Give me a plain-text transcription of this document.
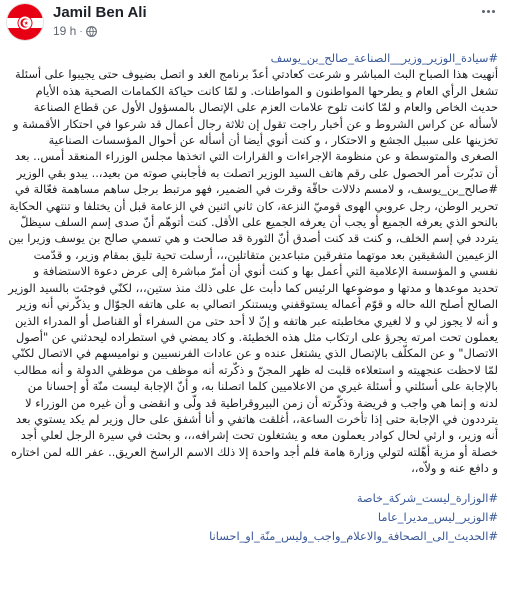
Jamil Ben Ali
19 h ·

#سيادة_الوزير_وزير__الصناعة_صالح_بن_يوسف

أنهيت هذا الصباح البث المباشر و شرعت كعادتي أعدّ برنامج الغد و اتصل بضيوف حتى يجيبوا على أسئلة تشغل الرأي العام و يطرحها المواطنون و المواطنات. و لمّا كانت حياكة الكمامات الصحية هذه الأيام حديث الخاص والعام و لمّا كانت تلوح علامات العزم على الإتصال بالمسؤول الأول عن قطاع الصناعة لأسأله عن كراس الشروط و عن أخبار راجت تقول إن ثلاثة رجال أعمال قد شرعوا في احتكار الأقمشة و تخزينها على سبيل الجشع و الاحتكار ، و كنت أنوي أيضا أن أسأله عن أحوال المؤسسات الصناعية الصغرى والمتوسطة و عن منظومة الإجراءات و القرارات التي اتخذها مجلس الوزراء المنعقد أمس.. بعد أن تدبّرت أمر الحصول على رقم هاتف السيد الوزير اتصلت به فأجابني صوته من بعيد،.. يبدو بقي الوزير #صالح_بن_يوسف، و لامسم دلالات حاقّة وقرت في الضمير، فهو مرتبط برجل ساهم مساهمة فعّالة في تحرير الوطن، رجل عروبي الهوى قوميّ النزعة، كان ثاني اثنين في الزعامة قبل أن يختلفا و تنتهي الحكاية بالنحو الذي يعرفه الجميع أو يجب أن يعرفه الجميع على الأقل. كنت أتوهّم أنّ صدى إسم السلف سيظلّ يتردد في إسم الخلف، و كنت قد كنت أصدق أنّ الثورة قد صالحت و هي تسمي صالح بن يوسف وزيرا بين الزعيمين الشقيقين بعد موتهما متفرقين متباعدين متقاتلين،،، أرسلت تحية تليق بمقام وزير، و قدّمت نفسي و المؤسسة الإعلامية التي أعمل بها و كنت أنوي أن أمرّ مباشرة إلى عرض دعوة الاستضافة و تحديد موعدها و مدتها و موضوعها الرئيس كما دأبت عل على ذلك منذ ستين،،، لكنّي فوجئت بالسيد الوزير الصالح أصلح الله حاله و قوّم أعماله يستوقفني ويستنكر اتصالي به على هاتفه الجوّال و يذكّرني أنه وزير و أنه لا يجوز لي و لا لغيري مخاطبته عبر هاتفه و إنّ لا أحد حتى من السفراء أو القناصل أو المدراء الذين يعملون تحت امرته يجرؤ على ارتكاب مثل هذه الخطيئة. و كاد يمضي في استطراده ليحدثني عن "أصول الاتصال" و عن المكلّف بالإتصال الذي يشتغل عنده و عن عادات الفرنسيين و نواميسهم في الاتصال لكنّي لمّا لاحظت عنجهيته و استعلاءه قلبت له ظهر المجنّ و ذكّرته أنه موظف من موظفي الدولة و أنه مطالب بالإجابة على أسئلتي و أسئلة غيري من الاعلاميين كلما اتصلنا به، و أنّ الإجابة ليست منّة أو إحسانا من لدنه و إنما هي واجب و فريضة وذكّرته أن زمن البيروقراطية قد ولّى و انقضى و أن غيره من الوزراء لا يترددون في الإجابة حتى إذا تأخرت الساعة،، أغلقت هاتفي و أنا أشفق على حال وزير لم يكد يستوي بعد أنه وزير، و ارثي لحال كوادر يعملون معه و يشتغلون تحت إشرافه،،، و بحثت في سيرة الرجل لعلي أجد خصلة أو مزية أهّلته لتولي وزارة هامة فلم أجد واحدة إلا ذلك الاسم الراسخ العريق.. عفر الله لمن اختاره و دافع عنه و ولاّه،،

#الوزارة_ليست_شركة_خاصة
#الوزير_ليس_مديرا_عاما
#الحديث_الى_الصحافة_والاعلام_واجب_وليس_منّة_او_احسانا
